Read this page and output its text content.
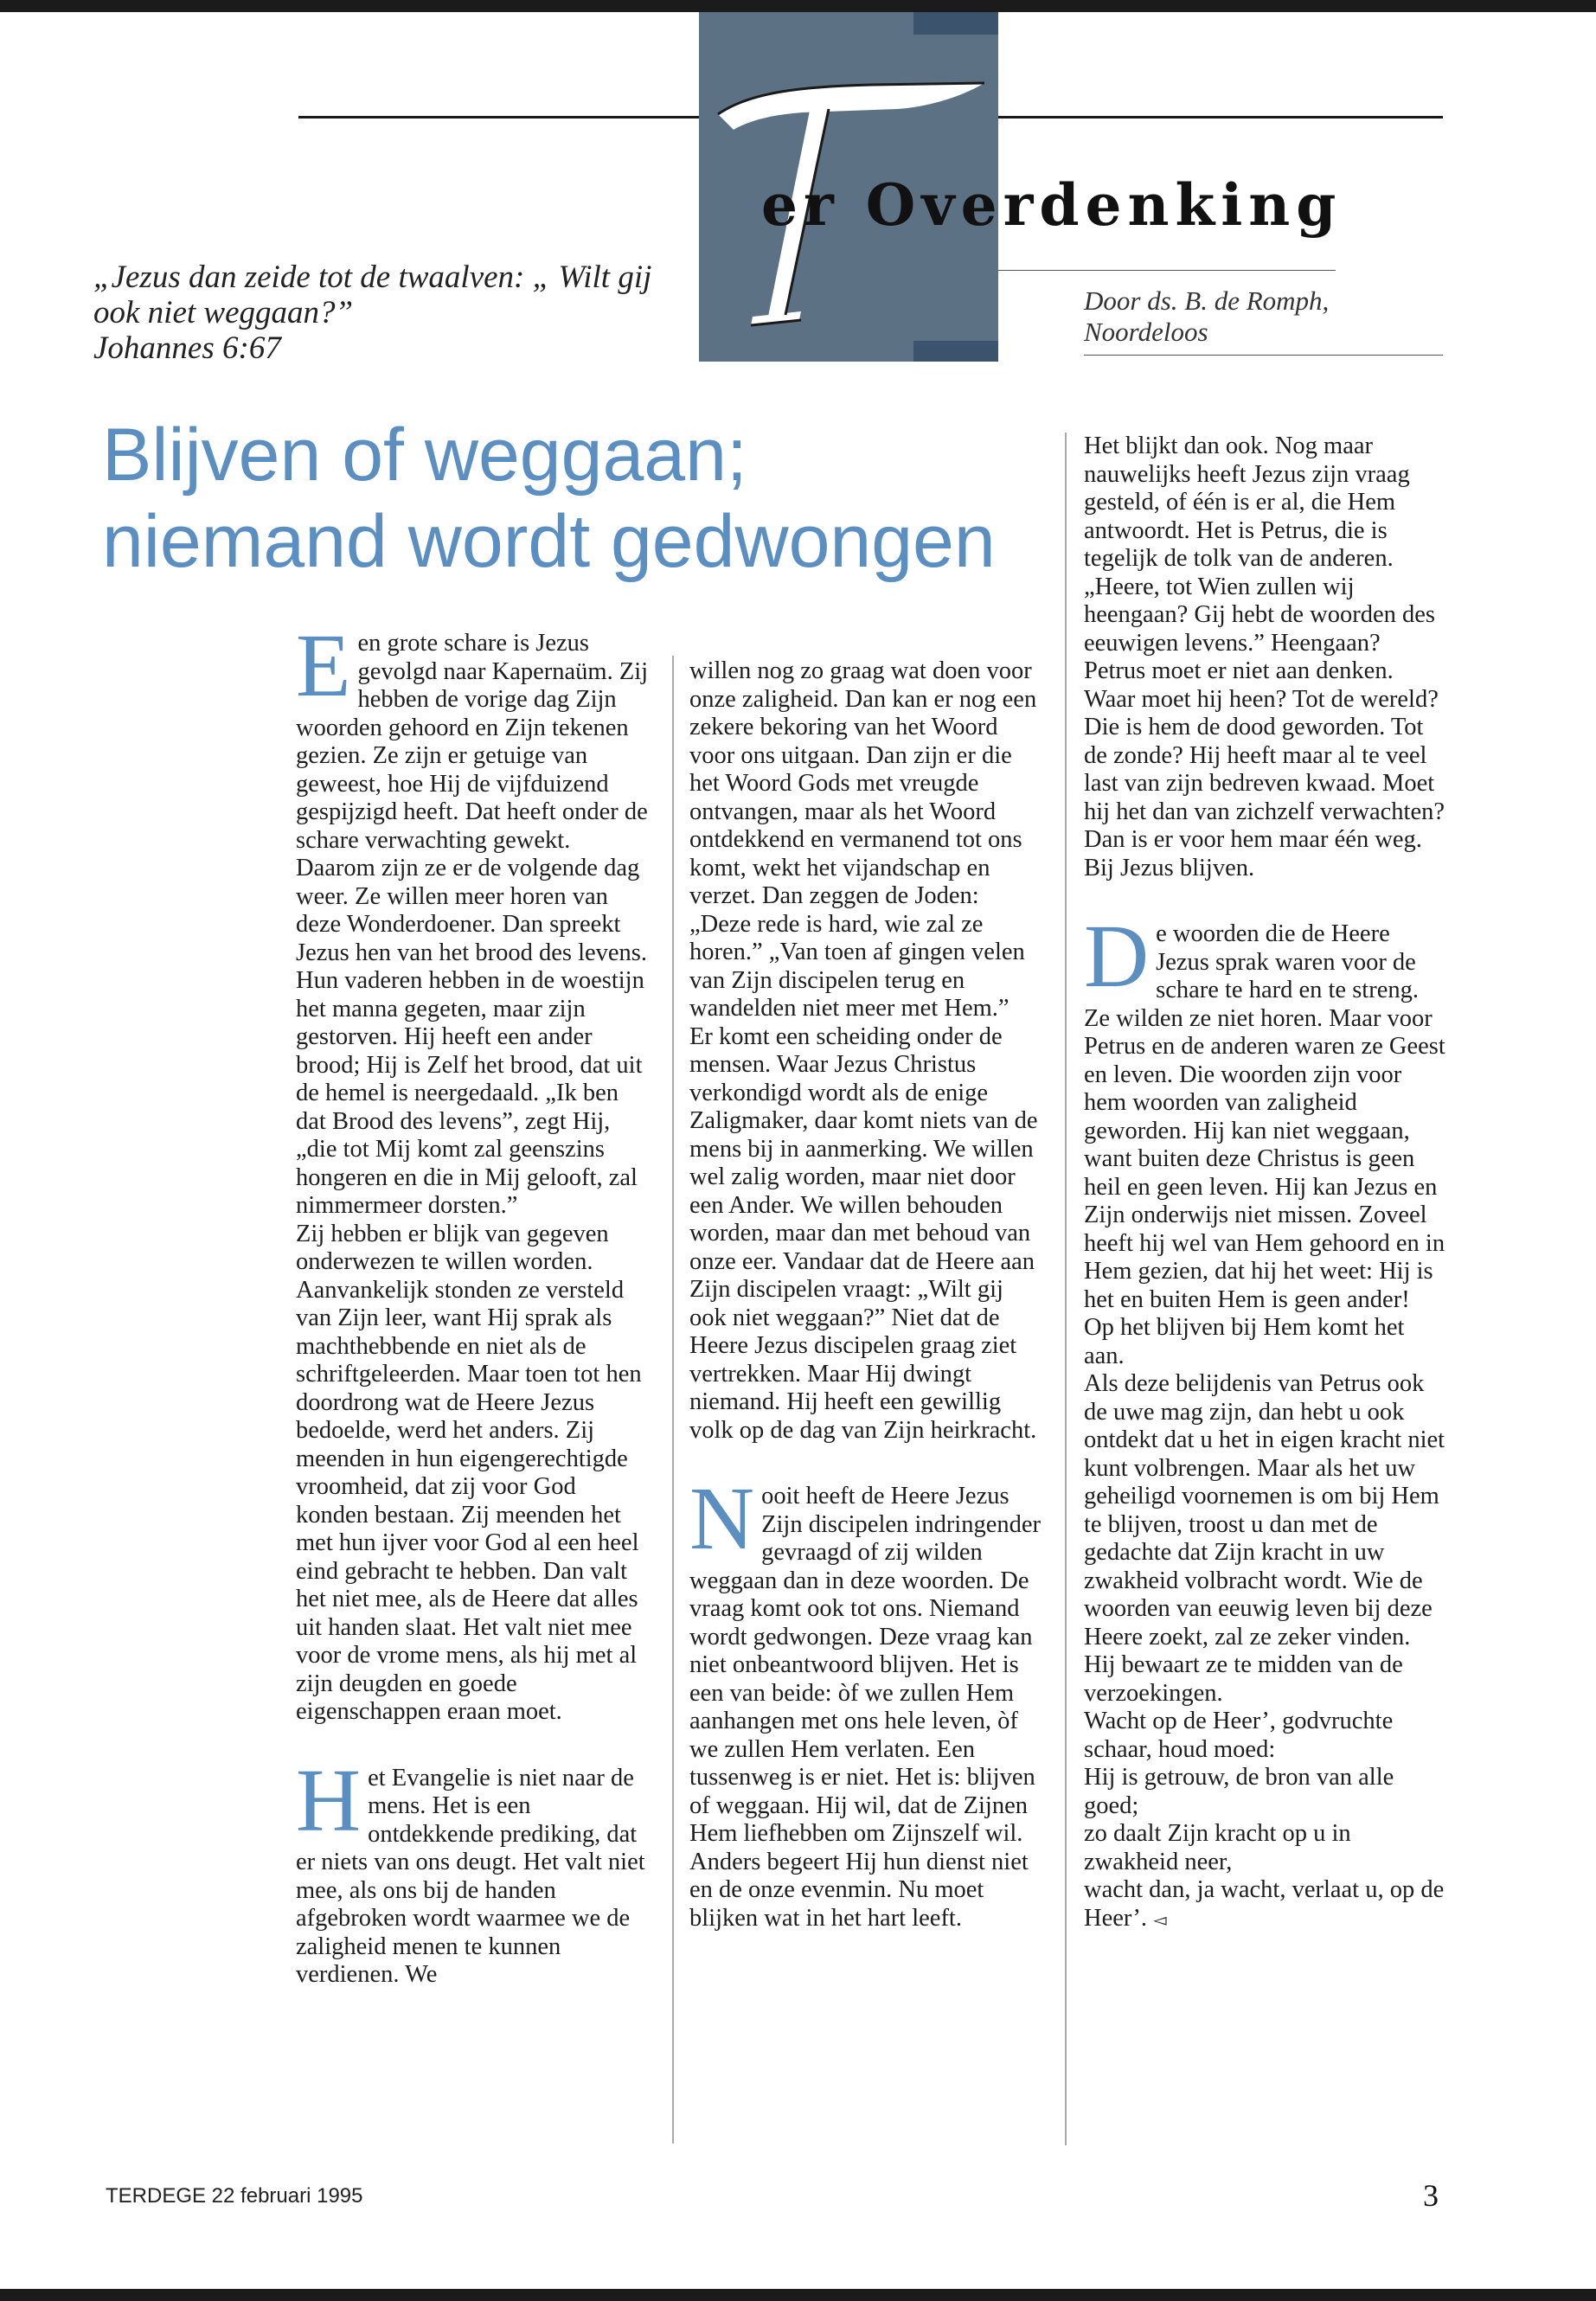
er Overdenking
„Jezus dan zeide tot de twaalven: „ Wilt gij ook niet weggaan?”
Johannes 6:67
Door ds. B. de Romph,
Noordeloos
Blijven of weggaan;
niemand wordt gedwongen

E en grote schare is Jezus gevolgd naar Kapernaüm. Zij hebben de vorige dag Zijn woorden gehoord en Zijn tekenen gezien. Ze zijn er getuige van geweest, hoe Hij de vijfduizend gespijzigd heeft. Dat heeft onder de schare verwachting gewekt. Daarom zijn ze er de volgende dag weer. Ze willen meer horen van deze Wonderdoener. Dan spreekt Jezus hen van het brood des levens. Hun vaderen hebben in de woestijn het manna gegeten, maar zijn gestorven. Hij heeft een ander brood; Hij is Zelf het brood, dat uit de hemel is neergedaald. „Ik ben dat Brood des levens”, zegt Hij, „die tot Mij komt zal geenszins hongeren en die in Mij gelooft, zal nimmermeer dorsten.”

Zij hebben er blijk van gegeven onderwezen te willen worden. Aanvankelijk stonden ze versteld van Zijn leer, want Hij sprak als machthebbende en niet als de schriftgeleerden. Maar toen tot hen doordrong wat de Heere Jezus bedoelde, werd het anders. Zij meenden in hun eigengerechtigde vroomheid, dat zij voor God konden bestaan. Zij meenden het met hun ijver voor God al een heel eind gebracht te hebben. Dan valt het niet mee, als de Heere dat alles uit handen slaat. Het valt niet mee voor de vrome mens, als hij met al zijn deugden en goede eigenschappen eraan moet.

H et Evangelie is niet naar de mens. Het is een ontdekkende prediking, dat er niets van ons deugt. Het valt niet mee, als ons bij de handen afgebroken wordt waarmee we de zaligheid menen te kunnen verdienen. We

willen nog zo graag wat doen voor onze zaligheid. Dan kan er nog een zekere bekoring van het Woord voor ons uitgaan. Dan zijn er die het Woord Gods met vreugde ontvangen, maar als het Woord ontdekkend en vermanend tot ons komt, wekt het vijandschap en verzet. Dan zeggen de Joden: „Deze rede is hard, wie zal ze horen.” „Van toen af gingen velen van Zijn discipelen terug en wandelden niet meer met Hem.”

Er komt een scheiding onder de mensen. Waar Jezus Christus verkondigd wordt als de enige Zaligmaker, daar komt niets van de mens bij in aanmerking. We willen wel zalig worden, maar niet door een Ander. We willen behouden worden, maar dan met behoud van onze eer. Vandaar dat de Heere aan Zijn discipelen vraagt: „Wilt gij ook niet weggaan?” Niet dat de Heere Jezus discipelen graag ziet vertrekken. Maar Hij dwingt niemand. Hij heeft een gewillig volk op de dag van Zijn heirkracht.

N ooit heeft de Heere Jezus Zijn discipelen indringender gevraagd of zij wilden weggaan dan in deze woorden. De vraag komt ook tot ons. Niemand wordt gedwongen. Deze vraag kan niet onbeantwoord blijven. Het is een van beide: òf we zullen Hem aanhangen met ons hele leven, òf we zullen Hem verlaten. Een tussenweg is er niet. Het is: blijven of weggaan. Hij wil, dat de Zijnen Hem liefhebben om Zijnszelf wil. Anders begeert Hij hun dienst niet en de onze evenmin. Nu moet blijken wat in het hart leeft.

Het blijkt dan ook. Nog maar nauwelijks heeft Jezus zijn vraag gesteld, of één is er al, die Hem antwoordt. Het is Petrus, die is tegelijk de tolk van de anderen. „Heere, tot Wien zullen wij heengaan? Gij hebt de woorden des eeuwigen levens.” Heengaan? Petrus moet er niet aan denken. Waar moet hij heen? Tot de wereld? Die is hem de dood geworden. Tot de zonde? Hij heeft maar al te veel last van zijn bedreven kwaad. Moet hij het dan van zichzelf verwachten? Dan is er voor hem maar één weg. Bij Jezus blijven.

D e woorden die de Heere Jezus sprak waren voor de schare te hard en te streng. Ze wilden ze niet horen. Maar voor Petrus en de anderen waren ze Geest en leven. Die woorden zijn voor hem woorden van zaligheid geworden. Hij kan niet weggaan, want buiten deze Christus is geen heil en geen leven. Hij kan Jezus en Zijn onderwijs niet missen. Zoveel heeft hij wel van Hem gehoord en in Hem gezien, dat hij het weet: Hij is het en buiten Hem is geen ander! Op het blijven bij Hem komt het aan.

Als deze belijdenis van Petrus ook de uwe mag zijn, dan hebt u ook ontdekt dat u het in eigen kracht niet kunt volbrengen. Maar als het uw geheiligd voornemen is om bij Hem te blijven, troost u dan met de gedachte dat Zijn kracht in uw zwakheid volbracht wordt. Wie de woorden van eeuwig leven bij deze Heere zoekt, zal ze zeker vinden. Hij bewaart ze te midden van de verzoekingen.

Wacht op de Heer’, godvruchte schaar, houd moed:

Hij is getrouw, de bron van alle goed;

zo daalt Zijn kracht op u in zwakheid neer,

wacht dan, ja wacht, verlaat u, op de Heer’. ◅

TERDEGE 22 februari 1995	3
